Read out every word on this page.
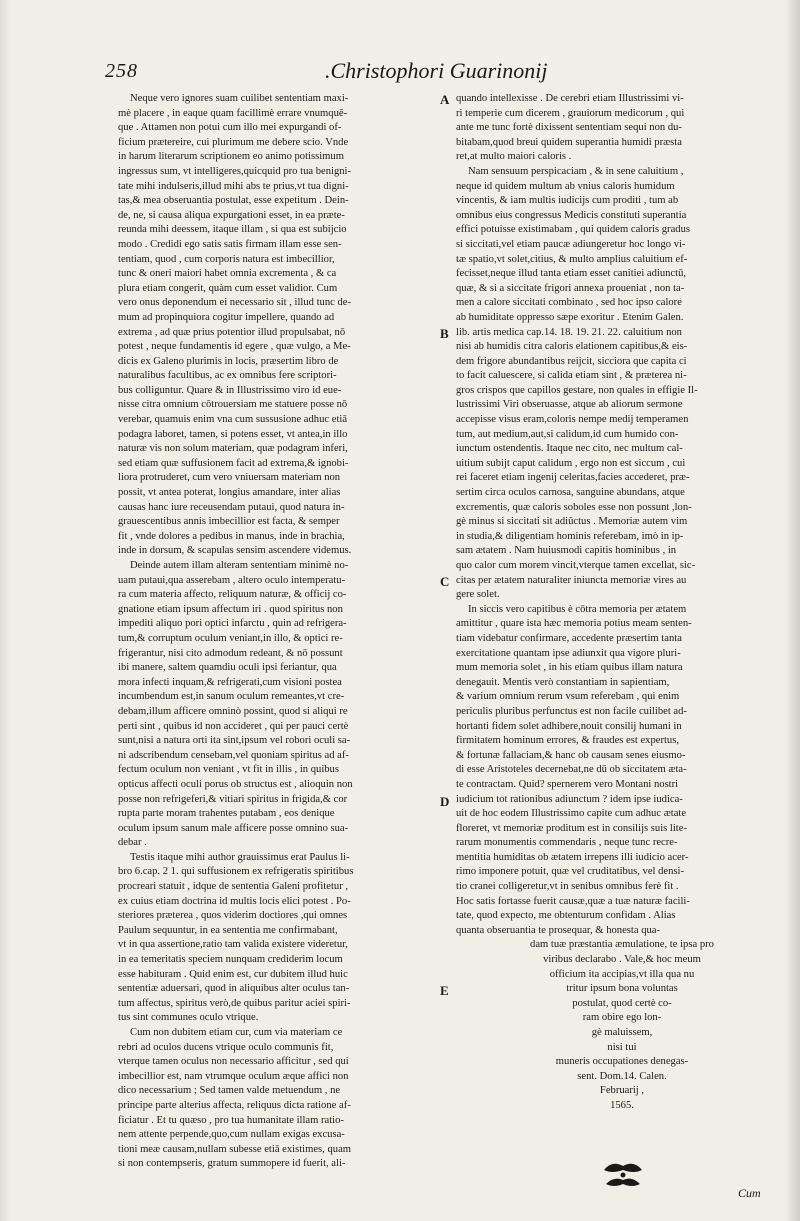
258	.Christophori Guarinonij
Neque vero ignores suam cuilibet sententiam maxi-
mè placere , in eaque quam facillimè errare vnumquē-
que . Attamen non potui cum illo mei expurgandi of-
ficium prætereire, cui plurimum me debere scio. Vnde
in harum literarum scriptionem eo animo potissimum
ingressus sum, vt intelligeres,quicquid pro tua benigni-
tate mihi indulseris,illud mihi abs te prius,vt tua digni-
tas,& mea obseruantia postulat, esse expetitum . Dein-
de, ne, si causa aliqua expurgationi esset, in ea præte-
reunda mihi deessem, itaque illam , si qua est subijcio
modo . Credidi ego satis satis firmam illam esse sen-
tentiam, quod , cum corporis natura est imbecillior,
tunc & oneri maiori habet omnia excrementa , & ca
plura etiam congerit, quàm cum esset validior. Cum
vero onus deponendum ei necessario sit , illud tunc de-
mum ad propinquiora cogitur impellere, quando ad
extrema , ad quæ prius potentior illud propulsabat, nō
potest , neque fundamentis id egere , quæ vulgo, a Me-
dicis ex Galeno plurimis in locis, præsertim libro de
naturalibus facultibus, ac ex omnibus fere scriptori-
bus colliguntur. Quare & in Illustrissimo viro id eue-
nisse citra omnium cōtrouersiam me statuere posse nō
verebar, quamuis enim vna cum sussusione adhuc etiā
podagra laboret, tamen, si potens esset, vt antea,in illo
naturæ vis non solum materiam, quæ podagram inferi,
sed etiam quæ suffusionem facit ad extrema,& ignobi-
liora protruderet, cum vero vniuersam materiam non
possit, vt antea poterat, longius amandare, inter alias
causas hanc iure receusendam putaui, quod natura in-
grauescentibus annis imbecillior est facta, & semper
fit , vnde dolores a pedibus in manus, inde in brachia,
inde in dorsum, & scapulas sensim ascendere videmus.
Deinde autem illam alteram sententiam minimè no-
uam putaui,qua asserebam , altero oculo intemperatu-
ra cum materia affecto, reliquum naturæ, & officij co-
gnatione etiam ipsum affectum iri . quod spiritus non
impediti aliquo pori optici infarctu , quin ad refrigera-
tum,& corruptum oculum veniant,in illo, & optici re-
frigerantur, nisi cito admodum redeant, & nō possunt
ibi manere, saltem quamdiu oculi ipsi feriantur, qua
mora infecti inquam,& refrigerati,cum visioni postea
incumbendum est,in sanum oculum remeantes,vt cre-
debam,illum afficere omninò possint, quod si aliqui re
perti sint , quibus id non accideret , qui per pauci certè
sunt,nisi a natura orti ita sint,ipsum vel robori oculi sa-
ni adscribendum censebam,vel quoniam spiritus ad af-
fectum oculum non veniant , vt fit in illis , in quibus
opticus affecti oculi porus ob structus est , alioquin non
posse non refrigeferi,& vitiari spiritus in frigida,& cor
rupta parte moram trahentes putabam , eos denique
oculum ipsum sanum male afficere posse omnino sua-
debar .
Testis itaque mihi author grauissimus erat Paulus li-
bro 6.cap. 2 1. qui suffusionem ex refrigeratis spiritibus
procreari statuit , idque de sententia Galeni profitetur ,
ex cuius etiam doctrina id multis locis elici potest . Po-
steriores præterea , quos viderim doctiores ,qui omnes
Paulum sequuntur, in ea sententia me confirmabant,
vt in qua assertione,ratio tam valida existere videretur,
in ea temeritatis speciem nunquam crediderim locum
esse habituram . Quid enim est, cur dubitem illud huic
sententiæ aduersari, quod in aliquibus alter oculus tan-
tum affectus, spiritus verò,de quibus paritur aciei spiri-
tus sint communes oculo vtrique.
Cum non dubitem etiam cur, cum via materiam ce
rebri ad oculos ducens vtrique oculo communis fit,
vterque tamen oculus non necessario afficitur , sed qui
imbecillior est, nam vtrumque oculum æque affici non
dico necessarium ; Sed tamen valde metuendum , ne
principe parte alterius affecta, reliquus dicta ratione af-
ficiatur . Et tu quæso , pro tua humanitate illam ratio-
nem attente perpende,quo,cum nullam exigas excusa-
tioni meæ causam,nullam subesse etiā existimes, quam
si non contempseris, gratum summopere id fuerit, ali-
quando intellexisse . De cerebri etiam Illustrissimi vi-
ri temperie cum dicerem , grauiorum medicorum , qui
ante me tunc fortè dixissent sententiam sequi non du-
bitabam,quod breui quidem superantia humidi præsta
ret,at multo maiori caloris .
Nam sensuum perspicaciam , & in sene caluitium ,
neque id quidem multum ab vnius caloris humidum
vincentis, & iam multis iudicijs cum proditi , tum ab
omnibus eius congressus Medicis constituti superantia
effici potuisse existimabam , qui quidem caloris gradus
si siccitati,vel etiam paucæ adiungeretur hoc longo vi-
tæ spatio,vt solet,citius, & multo amplius caluitium ef-
fecisset,neque illud tanta etiam esset canitiei adiunctū,
quæ, & si a siccitate frigori annexa proueniat , non ta-
men a calore siccitati combinato , sed hoc ipso calore
ab humiditate oppresso sæpe exoritur . Etenim Galen.
lib. artis medica cap.14. 18. 19. 21. 22. caluitium non
nisi ab humidis citra caloris elationem capitibus,& eis-
dem frigore abundantibus reijcit, sicciora que capita ci
to facit caluescere, si calida etiam sint , & præterea ni-
gros crispos que capillos gestare, non quales in effigie Il-
lustrissimi Viri obseruasse, atque ab aliorum sermone
accepisse visus eram,coloris nempe medij temperamen
tum, aut medium,aut,si calidum,id cum humido con-
iunctum ostendentis. Itaque nec cito, nec multum cal-
uitium subijt caput calidum , ergo non est siccum , cui
rei faceret etiam ingenij celeritas,facies accederet, præ-
sertim circa oculos carnosa, sanguine abundans, atque
excrementis, quæ caloris soboles esse non possunt ,lon-
gè minus si siccitati sit adiūctus . Memoriæ autem vim
in studia,& diligentiam hominis referebam, imò in ip-
sam ætatem . Nam huiusmodi capitis hominibus , in
quo calor cum morem vincit,vterque tamen excellat, sic-
citas per ætatem naturaliter iniuncta memoriæ vires au
gere solet.
In siccis vero capitibus è cōtra memoria per ætatem
amittitur , quare ista hæc memoria potius meam senten-
tiam videbatur confirmare, accedente præsertim tanta
exercitatione quantam ipse adiunxit qua vigore pluri-
mum memoria solet , in his etiam quibus illam natura
denegauit. Mentis verò constantiam in sapientiam,
& varium omnium rerum vsum referebam , qui enim
periculis pluribus perfunctus est non facile cuilibet ad-
hortanti fidem solet adhibere,nouit consilij humani in
firmitatem hominum errores, & fraudes est expertus,
& fortunæ fallaciam,& hanc ob causam senes eiusmo-
di esse Aristoteles decernebat,ne dū ob siccitatem æta-
te contractam. Quid? spernerem vero Montani nostri
iudicium tot rationibus adiunctum ? idem ipse iudica-
uit de hoc eodem Illustrissimo capite cum adhuc ætate
floreret, vt memoriæ proditum est in consilijs suis lite-
rarum monumentis commendaris , neque tunc recre-
mentitia humiditas ob ætatem irrepens illi iudicio acer-
rimo imponere potuit, quæ vel cruditatibus, vel densi-
tio cranei colligeretur,vt in senibus omnibus ferè fit .
Hoc satis fortasse fuerit causæ,quæ a tuæ naturæ facili-
tate, quod expecto, me obtenturum confidam . Alias
quanta obseruantia te prosequar, & honesta qua-
dam tuæ præstantia æmulatione, te ipsa pro
viribus declarabo . Vale,& hoc meum
officium ita accipias,vt illa qua nu
tritur ipsum bona voluntas
postulat, quod certè co-
ram obire ego lon-
gè maluissem,
nisi tui
muneris occupationes denegas-
sent. Dom.14. Calen.
Februarij ,
1565.
A
B
C
D
E
Cum
